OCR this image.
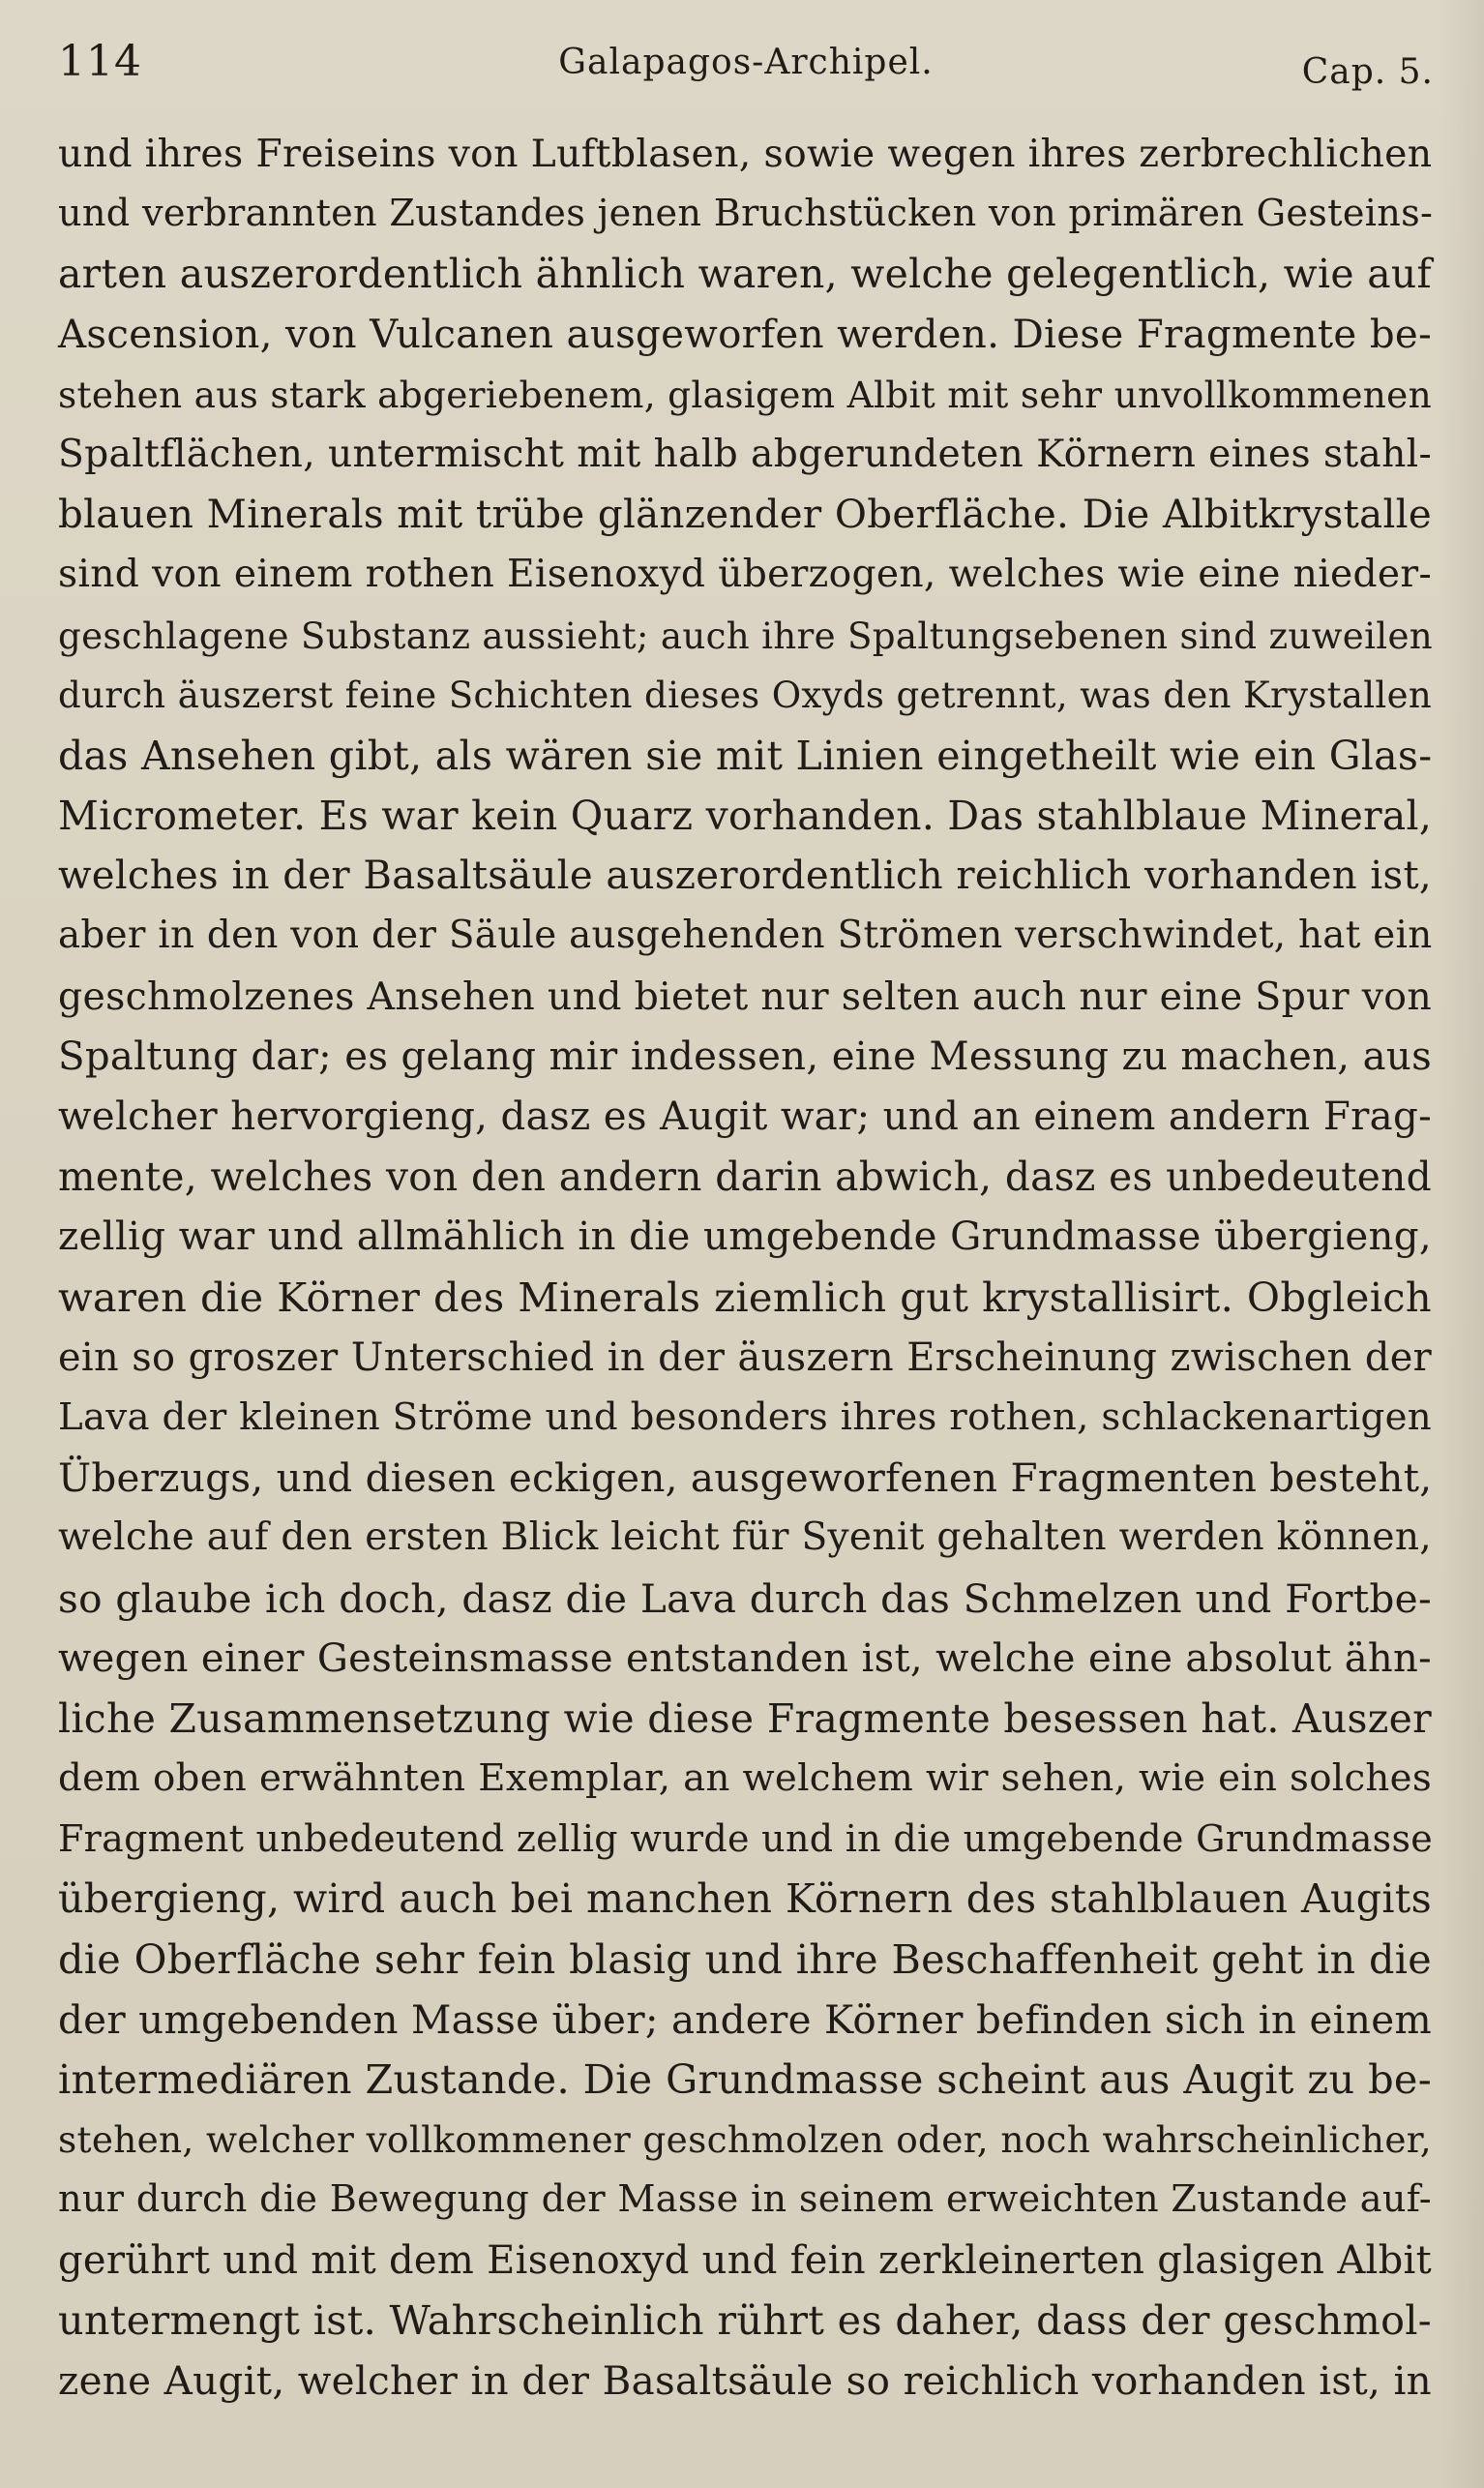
114	Galapagos-Archipel.	Cap. 5.
und ihres Freiseins von Luftblasen, sowie wegen ihres zerbrechlichen
und verbrannten Zustandes jenen Bruchstücken von primären Gesteins-
arten auszerordentlich ähnlich waren, welche gelegentlich, wie auf
Ascension, von Vulcanen ausgeworfen werden. Diese Fragmente be-
stehen aus stark abgeriebenem, glasigem Albit mit sehr unvollkommenen
Spaltflächen, untermischt mit halb abgerundeten Körnern eines stahl-
blauen Minerals mit trübe glänzender Oberfläche. Die Albitkrystalle
sind von einem rothen Eisenoxyd überzogen, welches wie eine nieder-
geschlagene Substanz aussieht; auch ihre Spaltungsebenen sind zuweilen
durch äuszerst feine Schichten dieses Oxyds getrennt, was den Krystallen
das Ansehen gibt, als wären sie mit Linien eingetheilt wie ein Glas-
Micrometer. Es war kein Quarz vorhanden. Das stahlblaue Mineral,
welches in der Basaltsäule auszerordentlich reichlich vorhanden ist,
aber in den von der Säule ausgehenden Strömen verschwindet, hat ein
geschmolzenes Ansehen und bietet nur selten auch nur eine Spur von
Spaltung dar; es gelang mir indessen, eine Messung zu machen, aus
welcher hervorgieng, dasz es Augit war; und an einem andern Frag-
mente, welches von den andern darin abwich, dasz es unbedeutend
zellig war und allmählich in die umgebende Grundmasse übergieng,
waren die Körner des Minerals ziemlich gut krystallisirt. Obgleich
ein so groszer Unterschied in der äuszern Erscheinung zwischen der
Lava der kleinen Ströme und besonders ihres rothen, schlackenartigen
Überzugs, und diesen eckigen, ausgeworfenen Fragmenten besteht,
welche auf den ersten Blick leicht für Syenit gehalten werden können,
so glaube ich doch, dasz die Lava durch das Schmelzen und Fortbe-
wegen einer Gesteinsmasse entstanden ist, welche eine absolut ähn-
liche Zusammensetzung wie diese Fragmente besessen hat. Auszer
dem oben erwähnten Exemplar, an welchem wir sehen, wie ein solches
Fragment unbedeutend zellig wurde und in die umgebende Grundmasse
übergieng, wird auch bei manchen Körnern des stahlblauen Augits
die Oberfläche sehr fein blasig und ihre Beschaffenheit geht in die
der umgebenden Masse über; andere Körner befinden sich in einem
intermediären Zustande. Die Grundmasse scheint aus Augit zu be-
stehen, welcher vollkommener geschmolzen oder, noch wahrscheinlicher,
nur durch die Bewegung der Masse in seinem erweichten Zustande auf-
gerührt und mit dem Eisenoxyd und fein zerkleinerten glasigen Albit
untermengt ist. Wahrscheinlich rührt es daher, dass der geschmol-
zene Augit, welcher in der Basaltsäule so reichlich vorhanden ist, in
